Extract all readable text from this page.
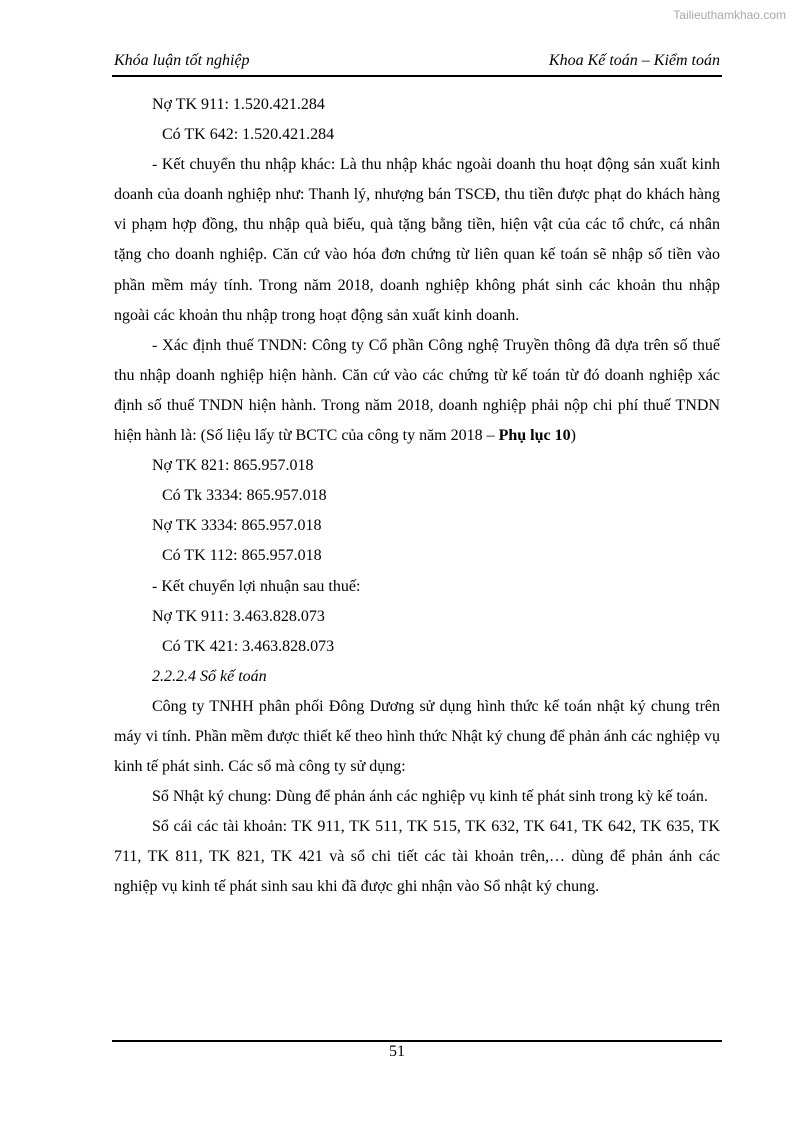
Tailieuthamkhao.com
Khóa luận tốt nghiệp	Khoa Kế toán – Kiểm toán

Nợ TK 911: 1.520.421.284

Có TK 642: 1.520.421.284

- Kết chuyển thu nhập khác: Là thu nhập khác ngoài doanh thu hoạt động sản xuất kinh doanh của doanh nghiệp như: Thanh lý, nhượng bán TSCĐ, thu tiền được phạt do khách hàng vi phạm hợp đồng, thu nhập quà biếu, quà tặng bằng tiền, hiện vật của các tổ chức, cá nhân tặng cho doanh nghiệp. Căn cứ vào hóa đơn chứng từ liên quan kế toán sẽ nhập số tiền vào phần mềm máy tính. Trong năm 2018, doanh nghiệp không phát sinh các khoản thu nhập ngoài các khoản thu nhập trong hoạt động sản xuất kinh doanh.

- Xác định thuế TNDN: Công ty Cổ phần Công nghệ Truyền thông đã dựa trên số thuế thu nhập doanh nghiệp hiện hành. Căn cứ vào các chứng từ kế toán từ đó doanh nghiệp xác định số thuế TNDN hiện hành. Trong năm 2018, doanh nghiệp phải nộp chi phí thuế TNDN hiện hành là: (Số liệu lấy từ BCTC của công ty năm 2018 – Phụ lục 10)

Nợ TK 821: 865.957.018

Có Tk 3334: 865.957.018

Nợ TK 3334: 865.957.018

Có TK 112: 865.957.018

- Kết chuyển lợi nhuận sau thuế:

Nợ TK 911: 3.463.828.073

Có TK 421: 3.463.828.073

2.2.2.4 Sổ kế toán

Công ty TNHH phân phối Đông Dương sử dụng hình thức kế toán nhật ký chung trên máy vi tính. Phần mềm được thiết kế theo hình thức Nhật ký chung để phản ánh các nghiệp vụ kinh tế phát sinh. Các sổ mà công ty sử dụng:

Sổ Nhật ký chung: Dùng để phản ánh các nghiệp vụ kinh tế phát sinh trong kỳ kế toán.

Sổ cái các tài khoản: TK 911, TK 511, TK 515, TK 632, TK 641, TK 642, TK 635, TK 711, TK 811, TK 821, TK 421 và sổ chi tiết các tài khoản trên,… dùng để phản ánh các nghiệp vụ kinh tế phát sinh sau khi đã được ghi nhận vào Sổ nhật ký chung.

51
